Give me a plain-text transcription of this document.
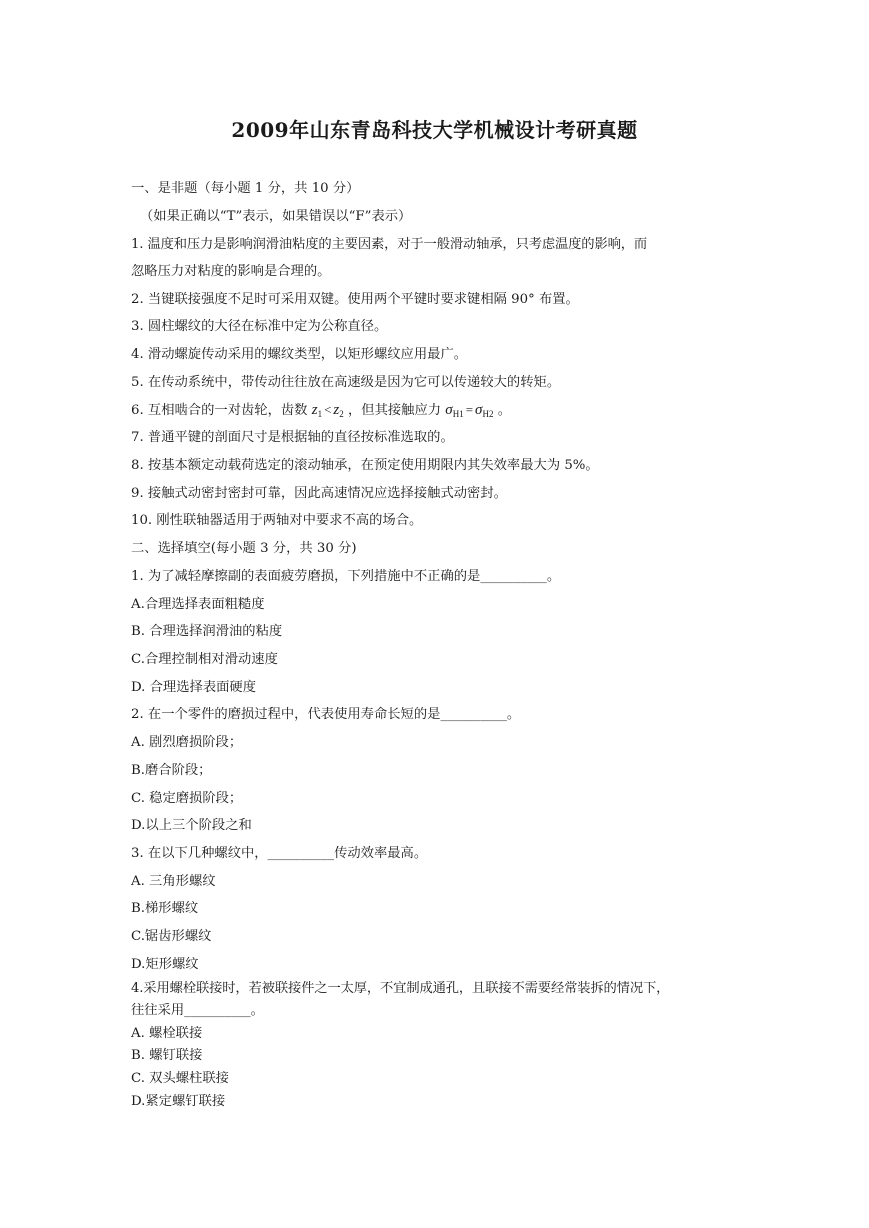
2009年山东青岛科技大学机械设计考研真题
一、是非题（每小题 1 分，共 10 分）
（如果正确以“T”表示，如果错误以“F”表示）
1. 温度和压力是影响润滑油粘度的主要因素，对于一般滑动轴承，只考虑温度的影响，而
忽略压力对粘度的影响是合理的。
2. 当键联接强度不足时可采用双键。使用两个平键时要求键相隔 90° 布置。
3. 圆柱螺纹的大径在标准中定为公称直径。
4. 滑动螺旋传动采用的螺纹类型，以矩形螺纹应用最广。
5. 在传动系统中，带传动往往放在高速级是因为它可以传递较大的转矩。
6. 互相啮合的一对齿轮，齿数 $z_1 < z_2$ ，但其接触应力 $\sigma_{H1} = \sigma_{H2}$ 。
7. 普通平键的剖面尺寸是根据轴的直径按标准选取的。
8. 按基本额定动载荷选定的滚动轴承，在预定使用期限内其失效率最大为 5%。
9. 接触式动密封密封可靠，因此高速情况应选择接触式动密封。
10. 刚性联轴器适用于两轴对中要求不高的场合。
二、选择填空(每小题 3 分，共 30 分)
1. 为了减轻摩擦副的表面疲劳磨损，下列措施中不正确的是__________。
A.合理选择表面粗糙度
B. 合理选择润滑油的粘度
C.合理控制相对滑动速度
D. 合理选择表面硬度
2. 在一个零件的磨损过程中，代表使用寿命长短的是__________。
A. 剧烈磨损阶段；
B.磨合阶段；
C. 稳定磨损阶段；
D.以上三个阶段之和
3. 在以下几种螺纹中，__________传动效率最高。
A. 三角形螺纹
B.梯形螺纹
C.锯齿形螺纹
D.矩形螺纹
4.采用螺栓联接时，若被联接件之一太厚，不宜制成通孔，且联接不需要经常装拆的情况下，
往往采用__________。
A. 螺栓联接
B. 螺钉联接
C. 双头螺柱联接
D.紧定螺钉联接
